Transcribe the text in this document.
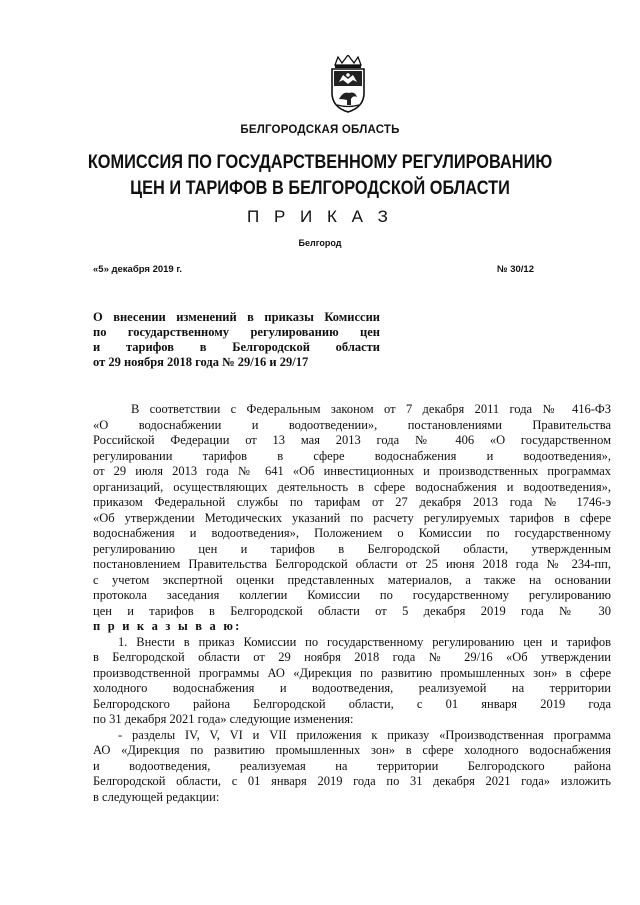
БЕЛГОРОДСКАЯ ОБЛАСТЬ
КОМИССИЯ ПО ГОСУДАРСТВЕННОМУ РЕГУЛИРОВАНИЮ
ЦЕН И ТАРИФОВ В БЕЛГОРОДСКОЙ ОБЛАСТИ
П Р И К А З
Белгород
«5» декабря 2019 г.	№ 30/12
О внесении изменений в приказы Комиссии
по государственному регулированию цен
и тарифов в Белгородской области
от 29 ноября 2018 года № 29/16 и 29/17
В соответствии с Федеральным законом от 7 декабря 2011 года № 416-ФЗ
«О водоснабжении и водоотведении», постановлениями Правительства
Российской Федерации от 13 мая 2013 года № 406 «О государственном
регулировании тарифов в сфере водоснабжения и водоотведения»,
от 29 июля 2013 года № 641 «Об инвестиционных и производственных программах
организаций, осуществляющих деятельность в сфере водоснабжения и водоотведения»,
приказом Федеральной службы по тарифам от 27 декабря 2013 года № 1746-э
«Об утверждении Методических указаний по расчету регулируемых тарифов в сфере
водоснабжения и водоотведения», Положением о Комиссии по государственному
регулированию цен и тарифов в Белгородской области, утвержденным
постановлением Правительства Белгородской области от 25 июня 2018 года № 234-пп,
с учетом экспертной оценки представленных материалов, а также на основании
протокола заседания коллегии Комиссии по государственному регулированию
цен и тарифов в Белгородской области от 5 декабря 2019 года № 30
п р и к а з ы в а ю:
1. Внести в приказ Комиссии по государственному регулированию цен и тарифов
в Белгородской области от 29 ноября 2018 года № 29/16 «Об утверждении
производственной программы АО «Дирекция по развитию промышленных зон» в сфере
холодного водоснабжения и водоотведения, реализуемой на территории
Белгородского района Белгородской области, с 01 января 2019 года
по 31 декабря 2021 года» следующие изменения:
- разделы IV, V, VI и VII приложения к приказу «Производственная программа
АО «Дирекция по развитию промышленных зон» в сфере холодного водоснабжения
и водоотведения, реализуемая на территории Белгородского района
Белгородской области, с 01 января 2019 года по 31 декабря 2021 года» изложить
в следующей редакции:
